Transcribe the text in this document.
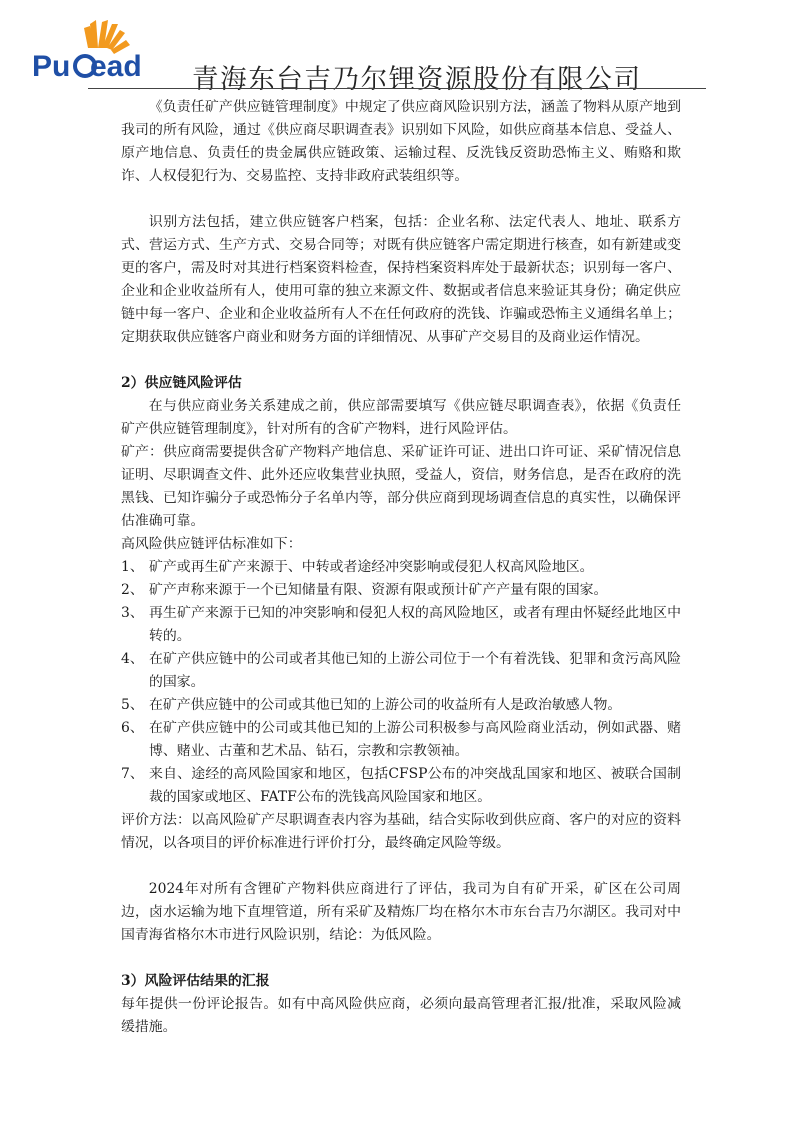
Pu ead 青海东台吉乃尔锂资源股份有限公司

《负责任矿产供应链管理制度》中规定了供应商风险识别方法，涵盖了物料从原产地到我司的所有风险，通过《供应商尽职调查表》识别如下风险，如供应商基本信息、受益人、原产地信息、负责任的贵金属供应链政策、运输过程、反洗钱反资助恐怖主义、贿赂和欺诈、人权侵犯行为、交易监控、支持非政府武装组织等。

识别方法包括，建立供应链客户档案，包括：企业名称、法定代表人、地址、联系方式、营运方式、生产方式、交易合同等；对既有供应链客户需定期进行核查，如有新建或变更的客户，需及时对其进行档案资料检查，保持档案资料库处于最新状态；识别每一客户、企业和企业收益所有人，使用可靠的独立来源文件、数据或者信息来验证其身份；确定供应链中每一客户、企业和企业收益所有人不在任何政府的洗钱、诈骗或恐怖主义通缉名单上；定期获取供应链客户商业和财务方面的详细情况、从事矿产交易目的及商业运作情况。

2）供应链风险评估

在与供应商业务关系建成之前，供应部需要填写《供应链尽职调查表》，依据《负责任矿产供应链管理制度》，针对所有的含矿产物料，进行风险评估。

矿产：供应商需要提供含矿产物料产地信息、采矿证许可证、进出口许可证、采矿情况信息证明、尽职调查文件、此外还应收集营业执照，受益人，资信，财务信息，是否在政府的洗黑钱、已知诈骗分子或恐怖分子名单内等，部分供应商到现场调查信息的真实性，以确保评估准确可靠。

高风险供应链评估标准如下：

1、 矿产或再生矿产来源于、中转或者途经冲突影响或侵犯人权高风险地区。
2、 矿产声称来源于一个已知储量有限、资源有限或预计矿产产量有限的国家。
3、 再生矿产来源于已知的冲突影响和侵犯人权的高风险地区，或者有理由怀疑经此地区中转的。
4、 在矿产供应链中的公司或者其他已知的上游公司位于一个有着洗钱、犯罪和贪污高风险的国家。
5、 在矿产供应链中的公司或其他已知的上游公司的收益所有人是政治敏感人物。
6、 在矿产供应链中的公司或其他已知的上游公司积极参与高风险商业活动，例如武器、赌博、赌业、古董和艺术品、钻石，宗教和宗教领袖。
7、 来自、途经的高风险国家和地区，包括CFSP公布的冲突战乱国家和地区、被联合国制裁的国家或地区、FATF公布的洗钱高风险国家和地区。

评价方法：以高风险矿产尽职调查表内容为基础，结合实际收到供应商、客户的对应的资料情况，以各项目的评价标准进行评价打分，最终确定风险等级。

2024年对所有含锂矿产物料供应商进行了评估，我司为自有矿开采，矿区在公司周边，卤水运输为地下直埋管道，所有采矿及精炼厂均在格尔木市东台吉乃尔湖区。我司对中国青海省格尔木市进行风险识别，结论：为低风险。

3）风险评估结果的汇报

每年提供一份评论报告。如有中高风险供应商，必须向最高管理者汇报/批准，采取风险减缓措施。
